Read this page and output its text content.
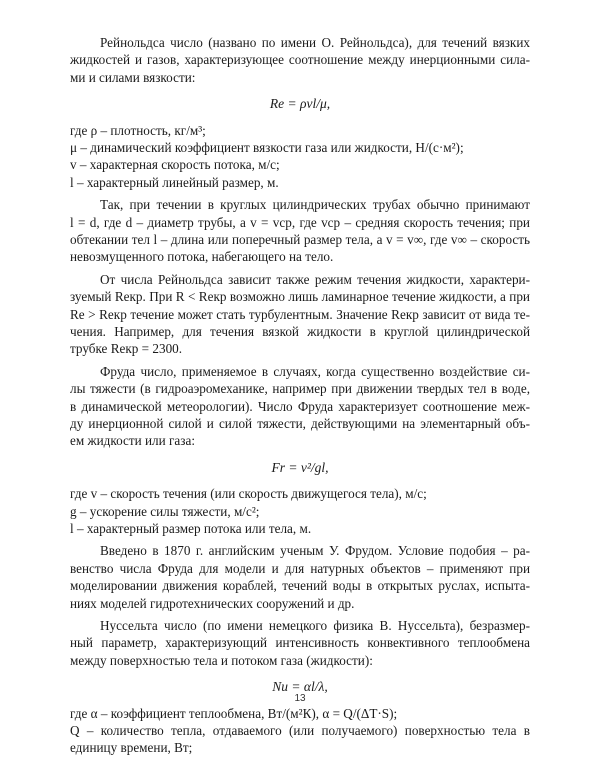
Рейнольдса число (названо по имени О. Рейнольдса), для течений вязких
жидкостей и газов, характеризующее соотношение между инерционными сила-
ми и силами вязкости:
Re = ρvl/μ,
где ρ – плотность, кг/м³;
μ – динамический коэффициент вязкости газа или жидкости, Н/(с·м²);
v – характерная скорость потока, м/с;
l – характерный линейный размер, м.
Так, при течении в круглых цилиндрических трубах обычно принимают
l = d, где d – диаметр трубы, а v = vср, где vср – средняя скорость течения; при
обтекании тел l – длина или поперечный размер тела, а v = v∞, где v∞ – скорость
невозмущенного потока, набегающего на тело.
От числа Рейнольдса зависит также режим течения жидкости, характери-
зуемый Reкр. При R < Reкр возможно лишь ламинарное течение жидкости, а при
Re > Reкр течение может стать турбулентным. Значение Reкр зависит от вида те-
чения. Например, для течения вязкой жидкости в круглой цилиндрической
трубке Reкр = 2300.
Фруда число, применяемое в случаях, когда существенно воздействие си-
лы тяжести (в гидроаэромеханике, например при движении твердых тел в водe,
в динамической метеорологии). Число Фруда характеризует соотношение меж-
ду инерционной силой и силой тяжести, действующими на элементарный объ-
ем жидкости или газа:
Fr = v²/gl,
где v – скорость течения (или скорость движущегося тела), м/с;
g – ускорение силы тяжести, м/с²;
l – характерный размер потока или тела, м.
Введено в 1870 г. английским ученым У. Фрудом. Условие подобия – ра-
венство числа Фруда для модели и для натурных объектов – применяют при
моделировании движения кораблей, течений воды в открытых руслах, испыта-
ниях моделей гидротехнических сооружений и др.
Нуссельта число (по имени немецкого физика В. Нуссельта), безразмер-
ный параметр, характеризующий интенсивность конвективного теплообмена
между поверхностью тела и потоком газа (жидкости):
Nu = αl/λ,
где α – коэффициент теплообмена, Вт/(м²К), α = Q/(ΔT·S);
Q – количество тепла, отдаваемого (или получаемого) поверхностью тела в
единицу времени, Вт;
13
